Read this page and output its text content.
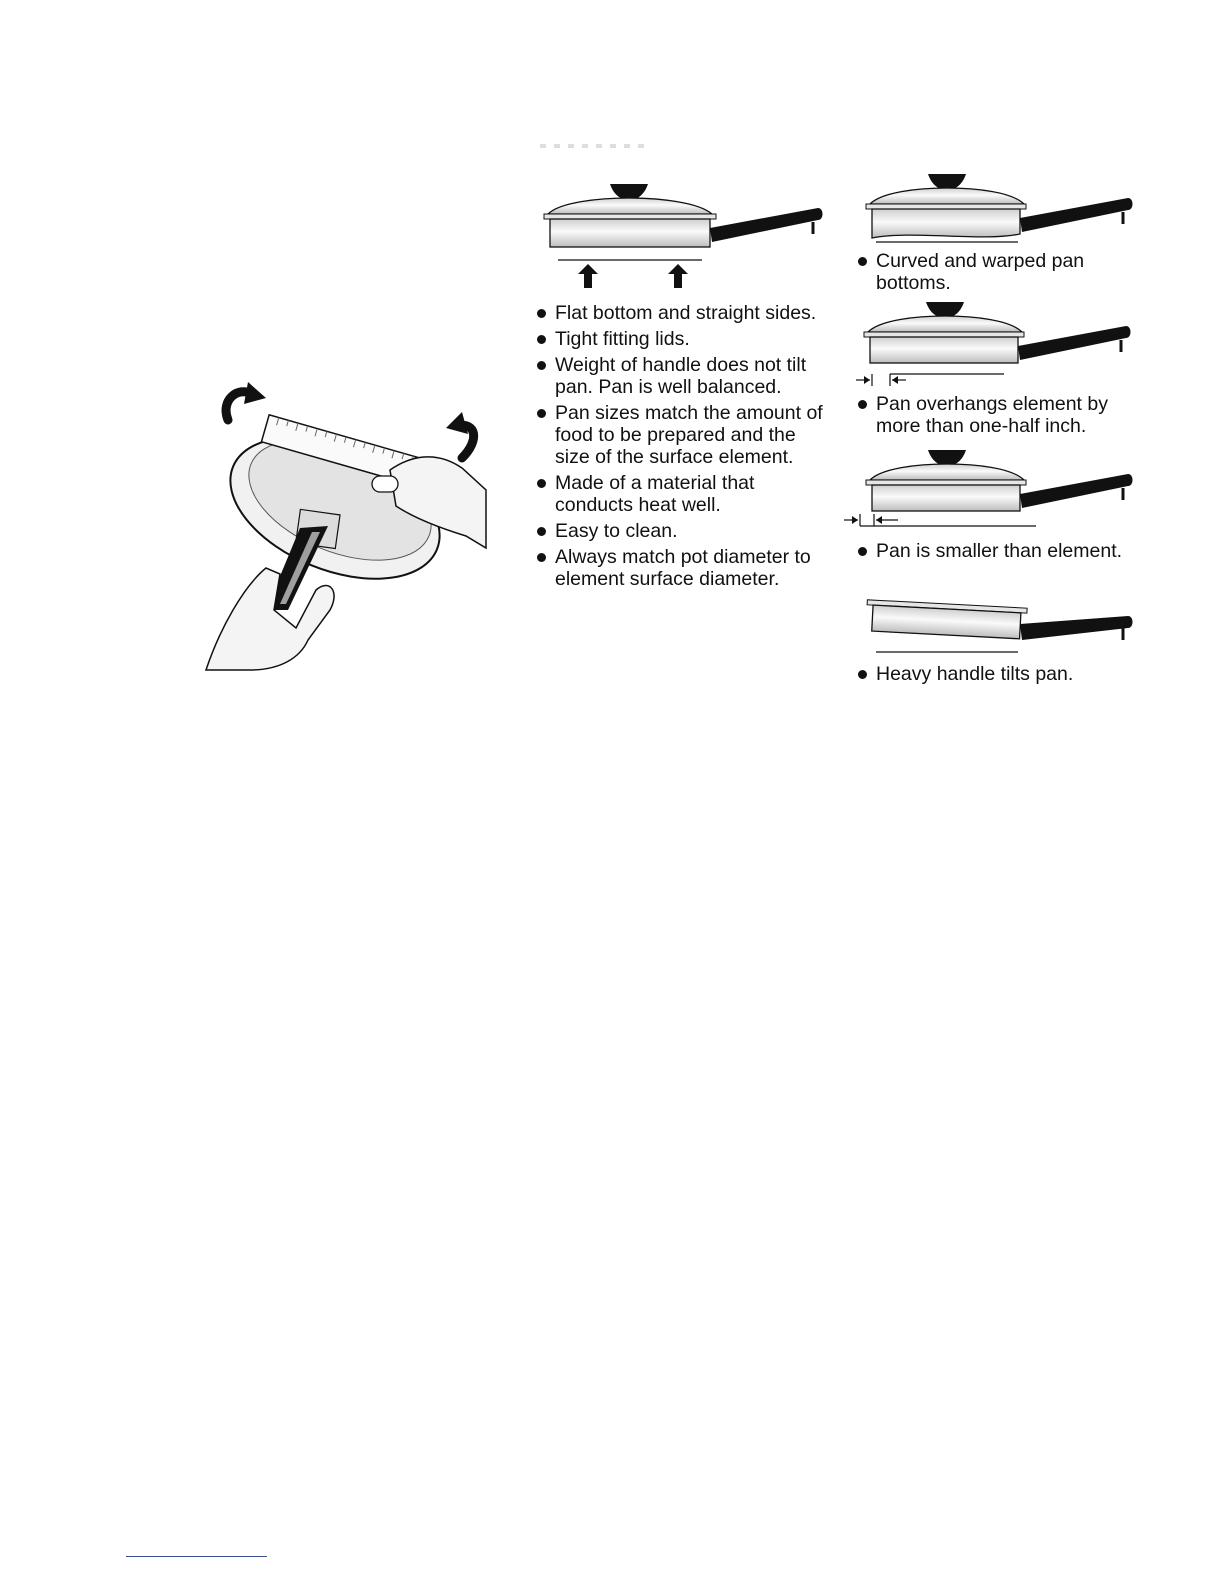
Flat bottom and straight sides.
Tight fitting lids.
Weight of handle does not tilt pan. Pan is well balanced.
Pan sizes match the amount of food to be prepared and the size of the surface element.
Made of a material that conducts heat well.
Easy to clean.
Always match pot diameter to element surface diameter.
Curved and warped pan bottoms.
Pan overhangs element by more than one-half inch.
Pan is smaller than element.
Heavy handle tilts pan.
